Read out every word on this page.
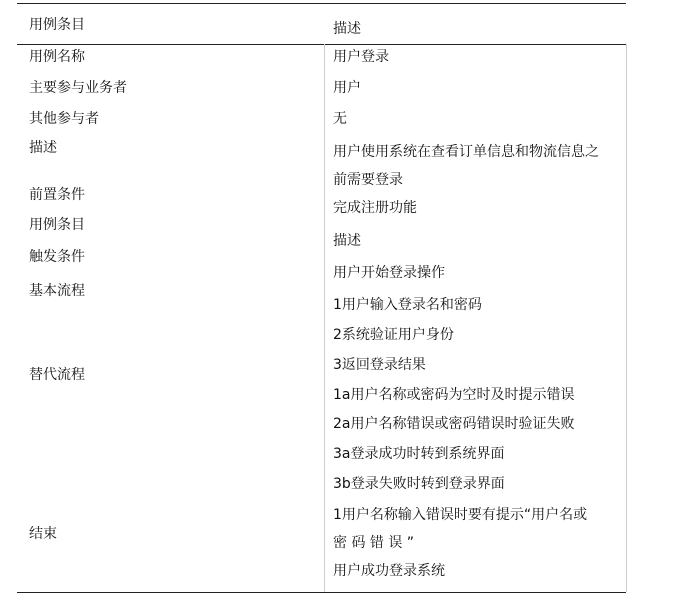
用例条目	描述
用例名称
主要参与业务者
其他参与者
描述
前置条件
用例条目
触发条件
基本流程
替代流程
结束
用户登录
用户
无
用户使用系统在查看订单信息和物流信息之
前需要登录
完成注册功能
描述
用户开始登录操作
1用户输入登录名和密码
2系统验证用户身份
3返回登录结果
1a用户名称或密码为空时及时提示错误
2a用户名称错误或密码错误时验证失败
3a登录成功时转到系统界面
3b登录失败时转到登录界面
1用户名称输入错误时要有提示“用户名或
密 码 错 误 ”
用户成功登录系统
